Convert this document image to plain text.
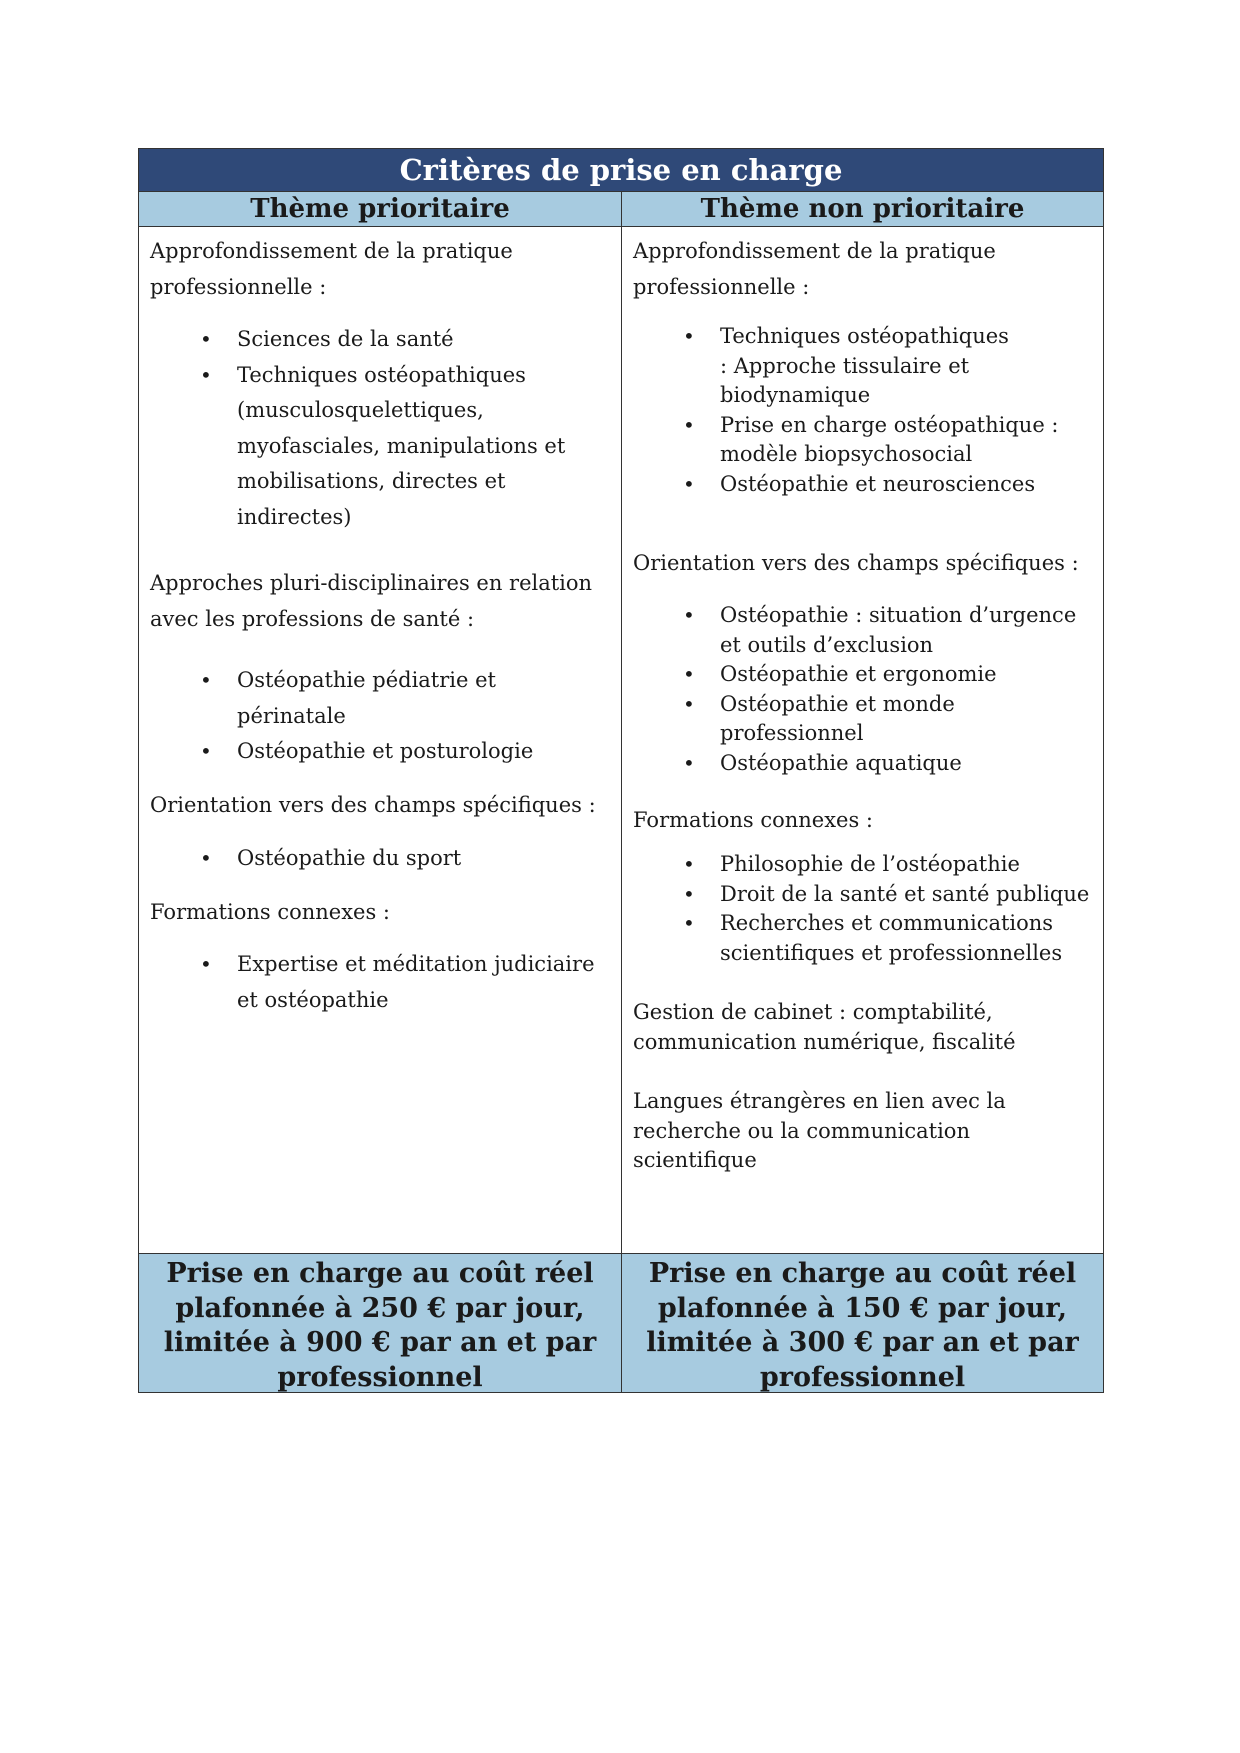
Critères de prise en charge
Thème prioritaire	Thème non prioritaire

Approfondissement de la pratique professionnelle :

• Sciences de la santé
• Techniques ostéopathiques (musculosquelettiques, myofasciales, manipulations et mobilisations, directes et indirectes)

Approches pluri-disciplinaires en relation avec les professions de santé :

• Ostéopathie pédiatrie et périnatale
• Ostéopathie et posturologie

Orientation vers des champs spécifiques :

• Ostéopathie du sport

Formations connexes :

• Expertise et méditation judiciaire et ostéopathie

Approfondissement de la pratique professionnelle :

• Techniques ostéopathiques : Approche tissulaire et biodynamique
• Prise en charge ostéopathique : modèle biopsychosocial
• Ostéopathie et neurosciences

Orientation vers des champs spécifiques :

• Ostéopathie : situation d’urgence et outils d’exclusion
• Ostéopathie et ergonomie
• Ostéopathie et monde professionnel
• Ostéopathie aquatique

Formations connexes :

• Philosophie de l’ostéopathie
• Droit de la santé et santé publique
• Recherches et communications scientifiques et professionnelles

Gestion de cabinet : comptabilité, communication numérique, fiscalité

Langues étrangères en lien avec la recherche ou la communication scientifique

Prise en charge au coût réel plafonnée à 250 € par jour, limitée à 900 € par an et par professionnel
Prise en charge au coût réel plafonnée à 150 € par jour, limitée à 300 € par an et par professionnel
